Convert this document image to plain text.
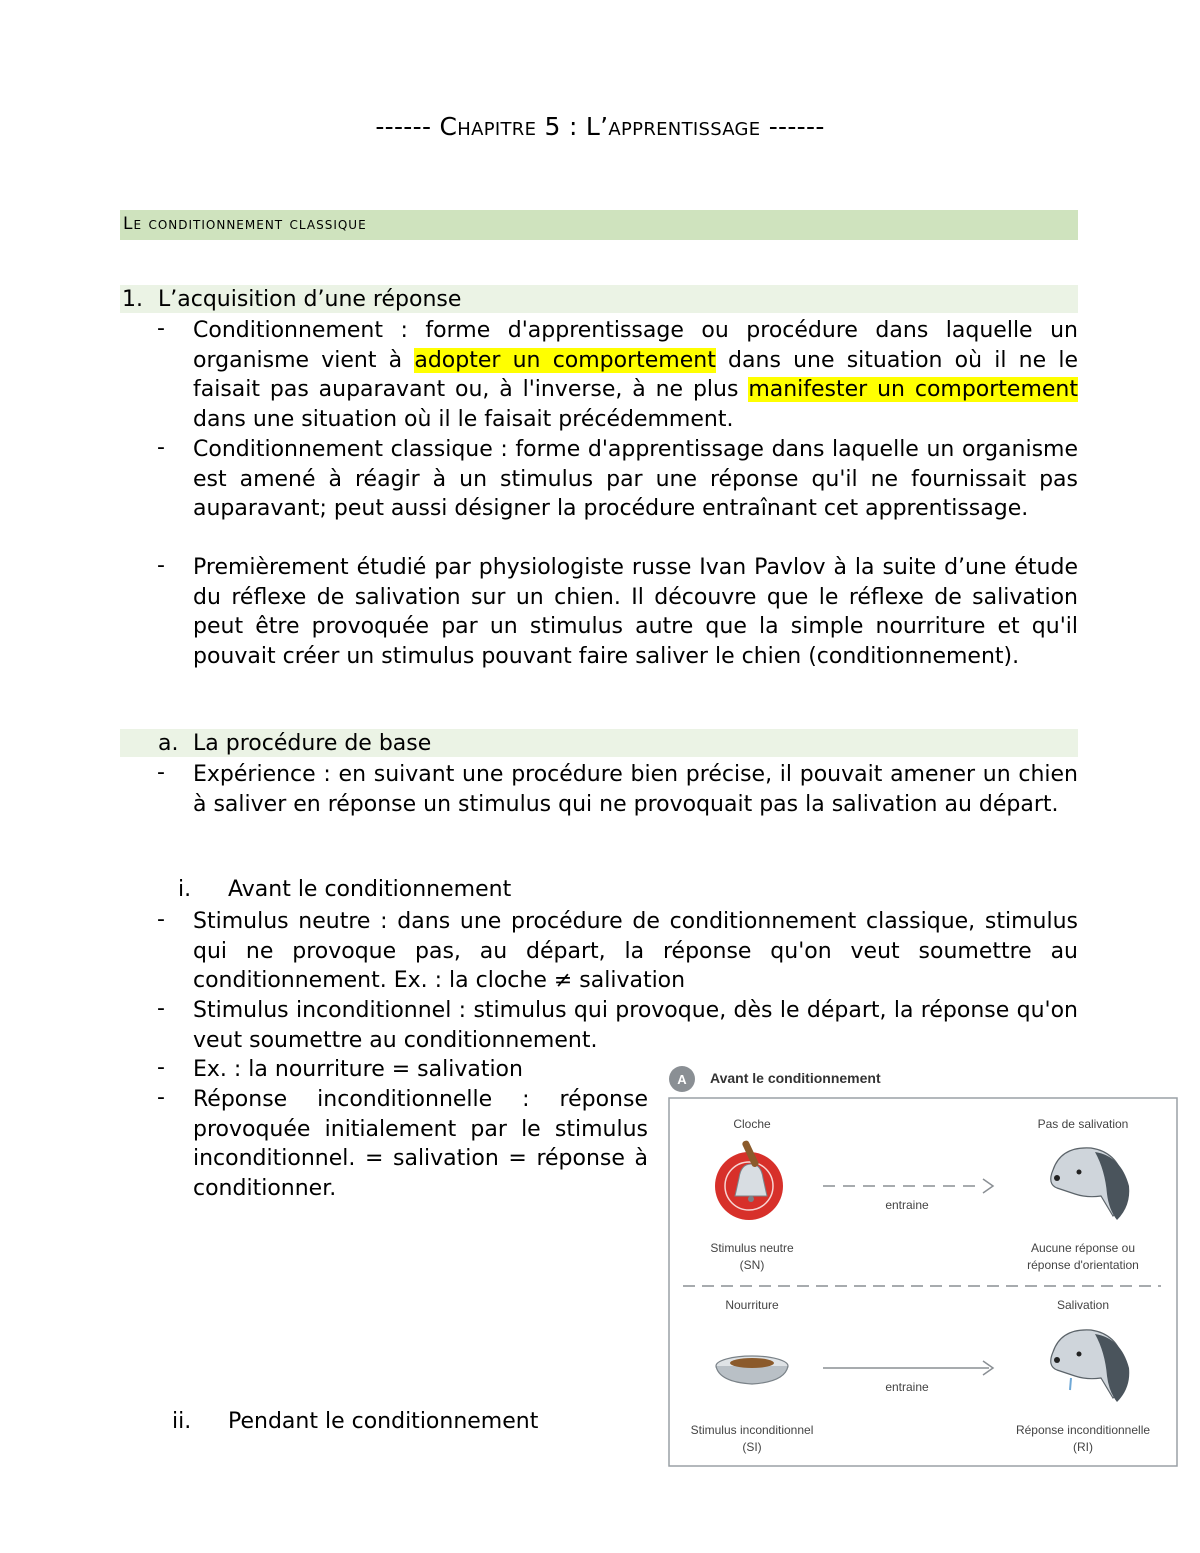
------ Chapitre 5 : L’apprentissage ------
Le conditionnement classique
1. L’acquisition d’une réponse
- Conditionnement : forme d'apprentissage ou procédure dans laquelle un organisme vient à adopter un comportement dans une situation où il ne le faisait pas auparavant ou, à l'inverse, à ne plus manifester un comportement dans une situation où il le faisait précédemment.
- Conditionnement classique : forme d'apprentissage dans laquelle un organisme est amené à réagir à un stimulus par une réponse qu'il ne fournissait pas auparavant; peut aussi désigner la procédure entraînant cet apprentissage.
- Premièrement étudié par physiologiste russe Ivan Pavlov à la suite d’une étude du réflexe de salivation sur un chien. Il découvre que le réflexe de salivation peut être provoquée par un stimulus autre que la simple nourriture et qu'il pouvait créer un stimulus pouvant faire saliver le chien (conditionnement).
a. La procédure de base
- Expérience : en suivant une procédure bien précise, il pouvait amener un chien à saliver en réponse un stimulus qui ne provoquait pas la salivation au départ.
i. Avant le conditionnement
- Stimulus neutre : dans une procédure de conditionnement classique, stimulus qui ne provoque pas, au départ, la réponse qu'on veut soumettre au conditionnement. Ex. : la cloche ≠ salivation
- Stimulus inconditionnel : stimulus qui provoque, dès le départ, la réponse qu'on veut soumettre au conditionnement.
- Ex. : la nourriture = salivation
- Réponse inconditionnelle : réponse provoquée initialement par le stimulus inconditionnel. = salivation = réponse à conditionner.
ii. Pendant le conditionnement
A Avant le conditionnement
Cloche	Pas de salivation
entraine
Stimulus neutre
(SN)
Aucune réponse ou
réponse d'orientation
Nourriture	Salivation
entraine
Stimulus inconditionnel
(SI)
Réponse inconditionnelle
(RI)
